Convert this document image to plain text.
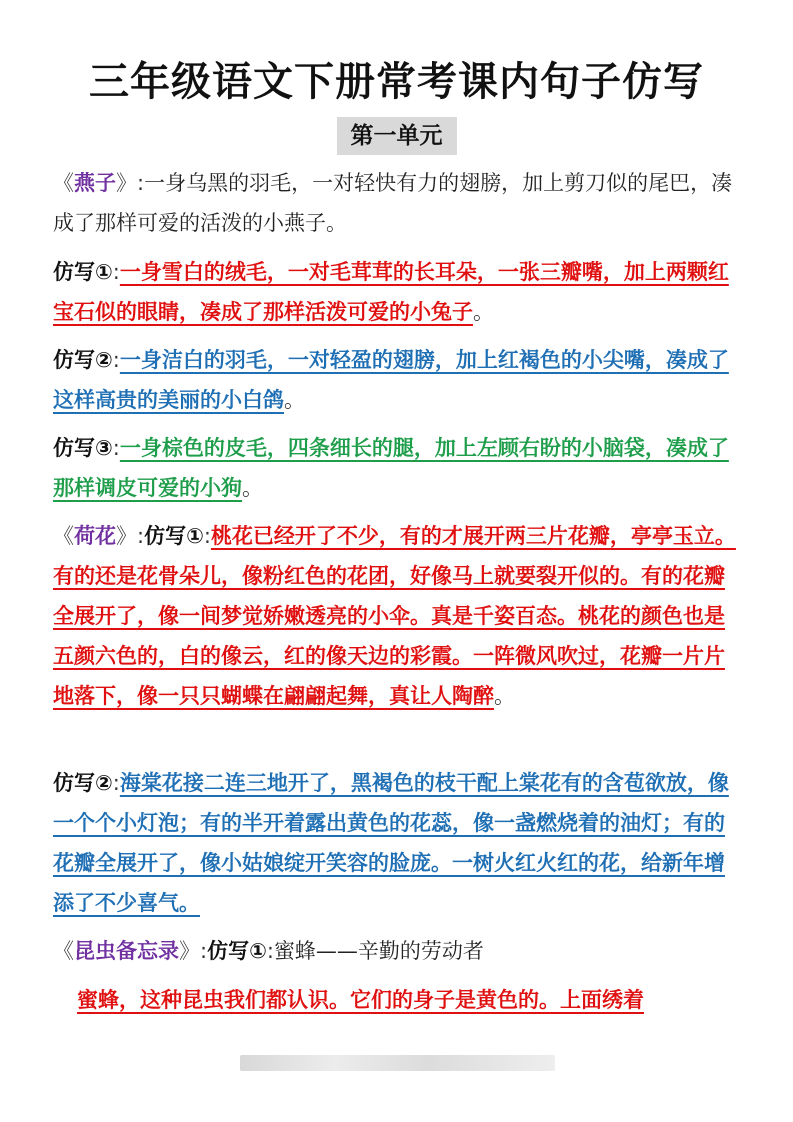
三年级语文下册常考课内句子仿写
第一单元
《燕子》:一身乌黑的羽毛，一对轻快有力的翅膀，加上剪刀似的尾巴，凑成了那样可爱的活泼的小燕子。
仿写①:一身雪白的绒毛，一对毛茸茸的长耳朵，一张三瓣嘴，加上两颗红宝石似的眼睛，凑成了那样活泼可爱的小兔子。
仿写②:一身洁白的羽毛，一对轻盈的翅膀，加上红褐色的小尖嘴，凑成了这样高贵的美丽的小白鸽。
仿写③:一身棕色的皮毛，四条细长的腿，加上左顾右盼的小脑袋，凑成了那样调皮可爱的小狗。
《荷花》:仿写①:桃花已经开了不少，有的才展开两三片花瓣，亭亭玉立。有的还是花骨朵儿，像粉红色的花团，好像马上就要裂开似的。有的花瓣全展开了，像一间梦觉娇嫩透亮的小伞。真是千姿百态。桃花的颜色也是五颜六色的，白的像云，红的像天边的彩霞。一阵微风吹过，花瓣一片片地落下，像一只只蝴蝶在翩翩起舞，真让人陶醉。
仿写②:海棠花接二连三地开了，黑褐色的枝干配上棠花有的含苞欲放，像一个个小灯泡；有的半开着露出黄色的花蕊，像一盏燃烧着的油灯；有的花瓣全展开了，像小姑娘绽开笑容的脸庞。一树火红火红的花，给新年增添了不少喜气。
《昆虫备忘录》:仿写①:蜜蜂——辛勤的劳动者
蜜蜂，这种昆虫我们都认识。它们的身子是黄色的。上面绣着
